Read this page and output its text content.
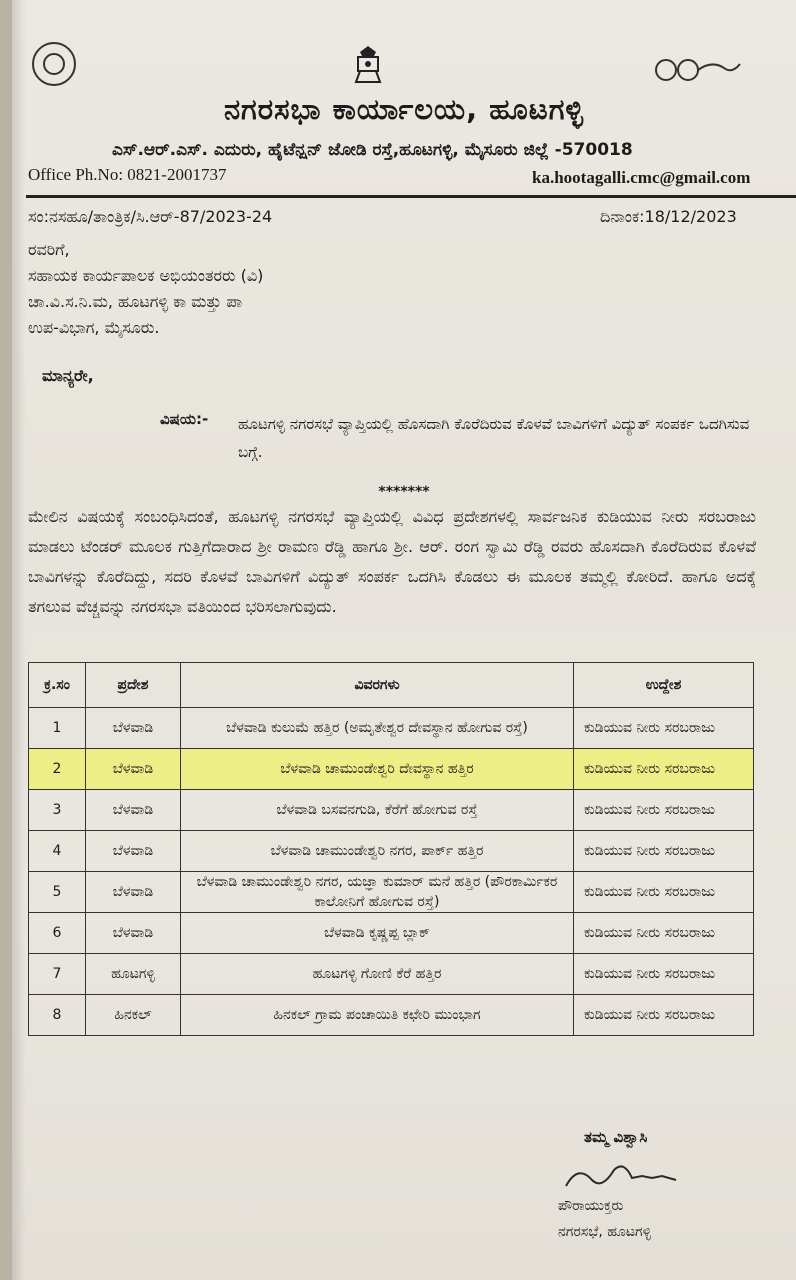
ನಗರಸಭಾ ಕಾರ್ಯಾಲಯ, ಹೂಟಗಳ್ಳಿ
ಎಸ್.ಆರ್.ಎಸ್. ಎದುರು, ಹೈಟೆನ್ಷನ್ ಜೋಡಿ ರಸ್ತೆ,ಹೂಟಗಳ್ಳಿ, ಮೈಸೂರು ಜಿಲ್ಲೆ -570018
Office Ph.No: 0821-2001737	ka.hootagalli.cmc@gmail.com
ಸಂ:ನಸಹೂ/ತಾಂತ್ರಿಕ/ಸಿ.ಆರ್-87/2023-24	ದಿನಾಂಕ:18/12/2023
ರವರಿಗೆ,
ಸಹಾಯಕ ಕಾರ್ಯಪಾಲಕ ಅಭಿಯಂತರರು (ವಿ)
ಚಾ.ವಿ.ಸ.ನಿ.ಮ, ಹೂಟಗಳ್ಳಿ ಕಾ ಮತ್ತು ಪಾ
ಉಪ-ವಿಭಾಗ, ಮೈಸೂರು.
ಮಾನ್ಯರೇ,
ವಿಷಯ:- ಹೂಟಗಳ್ಳಿ ನಗರಸಭೆ ವ್ಯಾಪ್ತಿಯಲ್ಲಿ ಹೊಸದಾಗಿ ಕೊರೆದಿರುವ ಕೊಳವೆ ಬಾವಿಗಳಿಗೆ ವಿದ್ಯುತ್ ಸಂಪರ್ಕ ಒದಗಿಸುವ ಬಗ್ಗೆ.
*******
ಮೇಲಿನ ವಿಷಯಕ್ಕೆ ಸಂಬಂಧಿಸಿದಂತೆ, ಹೂಟಗಳ್ಳಿ ನಗರಸಭೆ ವ್ಯಾಪ್ತಿಯಲ್ಲಿ ವಿವಿಧ ಪ್ರದೇಶಗಳಲ್ಲಿ ಸಾರ್ವಜನಿಕ ಕುಡಿಯುವ ನೀರು ಸರಬರಾಜು ಮಾಡಲು ಟೆಂಡರ್ ಮೂಲಕ ಗುತ್ತಿಗೆದಾರಾದ ಶ್ರೀ ರಾಮಣ ರೆಡ್ಡಿ ಹಾಗೂ ಶ್ರೀ. ಆರ್. ರಂಗ ಸ್ವಾಮಿ ರೆಡ್ಡಿ ರವರು ಹೊಸದಾಗಿ ಕೊರೆದಿರುವ ಕೊಳವೆ ಬಾವಿಗಳನ್ನು ಕೊರೆದಿದ್ದು, ಸದರಿ ಕೊಳವೆ ಬಾವಿಗಳಿಗೆ ವಿದ್ಯುತ್ ಸಂಪರ್ಕ ಒದಗಿಸಿ ಕೊಡಲು ಈ ಮೂಲಕ ತಮ್ಮಲ್ಲಿ ಕೋರಿದೆ. ಹಾಗೂ ಅದಕ್ಕೆ ತಗಲುವ ವೆಚ್ಚವನ್ನು ನಗರಸಭಾ ವತಿಯಿಂದ ಭರಿಸಲಾಗುವುದು.
ಕ್ರ.ಸಂ	ಪ್ರದೇಶ	ವಿವರಗಳು	ಉದ್ದೇಶ
1	ಬೆಳವಾಡಿ	ಬೆಳವಾಡಿ ಕುಲುಮೆ ಹತ್ತಿರ (ಅಮೃತೇಶ್ವರ ದೇವಸ್ಥಾನ ಹೋಗುವ ರಸ್ತೆ)	ಕುಡಿಯುವ ನೀರು ಸರಬರಾಜು
2	ಬೆಳವಾಡಿ	ಬೆಳವಾಡಿ ಚಾಮುಂಡೇಶ್ವರಿ ದೇವಸ್ಥಾನ ಹತ್ತಿರ	ಕುಡಿಯುವ ನೀರು ಸರಬರಾಜು
3	ಬೆಳವಾಡಿ	ಬೆಳವಾಡಿ ಬಸವನಗುಡಿ, ಕೆರೆಗೆ ಹೋಗುವ ರಸ್ತೆ	ಕುಡಿಯುವ ನೀರು ಸರಬರಾಜು
4	ಬೆಳವಾಡಿ	ಬೆಳವಾಡಿ ಚಾಮುಂಡೇಶ್ವರಿ ನಗರ, ಪಾರ್ಕ್ ಹತ್ತಿರ	ಕುಡಿಯುವ ನೀರು ಸರಬರಾಜು
5	ಬೆಳವಾಡಿ	ಬೆಳವಾಡಿ ಚಾಮುಂಡೇಶ್ವರಿ ನಗರ, ಯಜ್ಞಾ ಕುಮಾರ್ ಮನೆ ಹತ್ತಿರ (ಪೌರಕಾರ್ಮಿಕರ ಕಾಲೋನಿಗೆ ಹೋಗುವ ರಸ್ತೆ)	ಕುಡಿಯುವ ನೀರು ಸರಬರಾಜು
6	ಬೆಳವಾಡಿ	ಬೆಳವಾಡಿ ಕೃಷ್ಣಪ್ಪ ಬ್ಲಾಕ್	ಕುಡಿಯುವ ನೀರು ಸರಬರಾಜು
7	ಹೂಟಗಳ್ಳಿ	ಹೂಟಗಳ್ಳಿ ಗೋಣಿ ಕೆರೆ ಹತ್ತಿರ	ಕುಡಿಯುವ ನೀರು ಸರಬರಾಜು
8	ಹಿನಕಲ್	ಹಿನಕಲ್ ಗ್ರಾಮ ಪಂಚಾಯಿತಿ ಕಛೇರಿ ಮುಂಭಾಗ	ಕುಡಿಯುವ ನೀರು ಸರಬರಾಜು
ತಮ್ಮ ವಿಶ್ವಾಸಿ
ಪೌರಾಯುಕ್ತರು
ನಗರಸಭೆ, ಹೂಟಗಳ್ಳಿ
